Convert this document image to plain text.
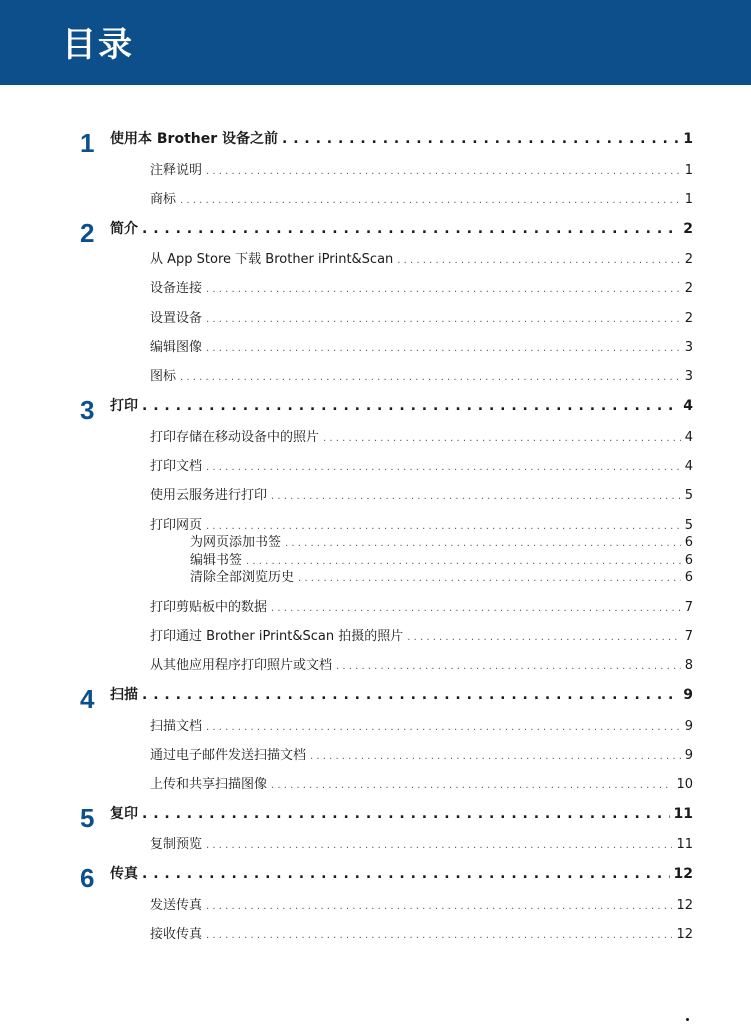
目录
1	使用本 Brother 设备之前 . . .	1
注释说明 . . .	1
商标 . . .	1
2	简介 . . .	2
从 App Store 下载 Brother iPrint&Scan . . .	2
设备连接 . . .	2
设置设备 . . .	2
编辑图像 . . .	3
图标 . . .	3
3	打印 . . .	4
打印存储在移动设备中的照片 . . .	4
打印文档 . . .	4
使用云服务进行打印 . . .	5
打印网页 . . .	5
为网页添加书签 . . .	6
编辑书签 . . .	6
清除全部浏览历史 . . .	6
打印剪贴板中的数据 . . .	7
打印通过 Brother iPrint&Scan 拍摄的照片 . . .	7
从其他应用程序打印照片或文档 . . .	8
4	扫描 . . .	9
扫描文档 . . .	9
通过电子邮件发送扫描文档 . . .	9
上传和共享扫描图像 . . .	10
5	复印 . . .	11
复制预览 . . .	11
6	传真 . . .	12
发送传真 . . .	12
接收传真 . . .	12
